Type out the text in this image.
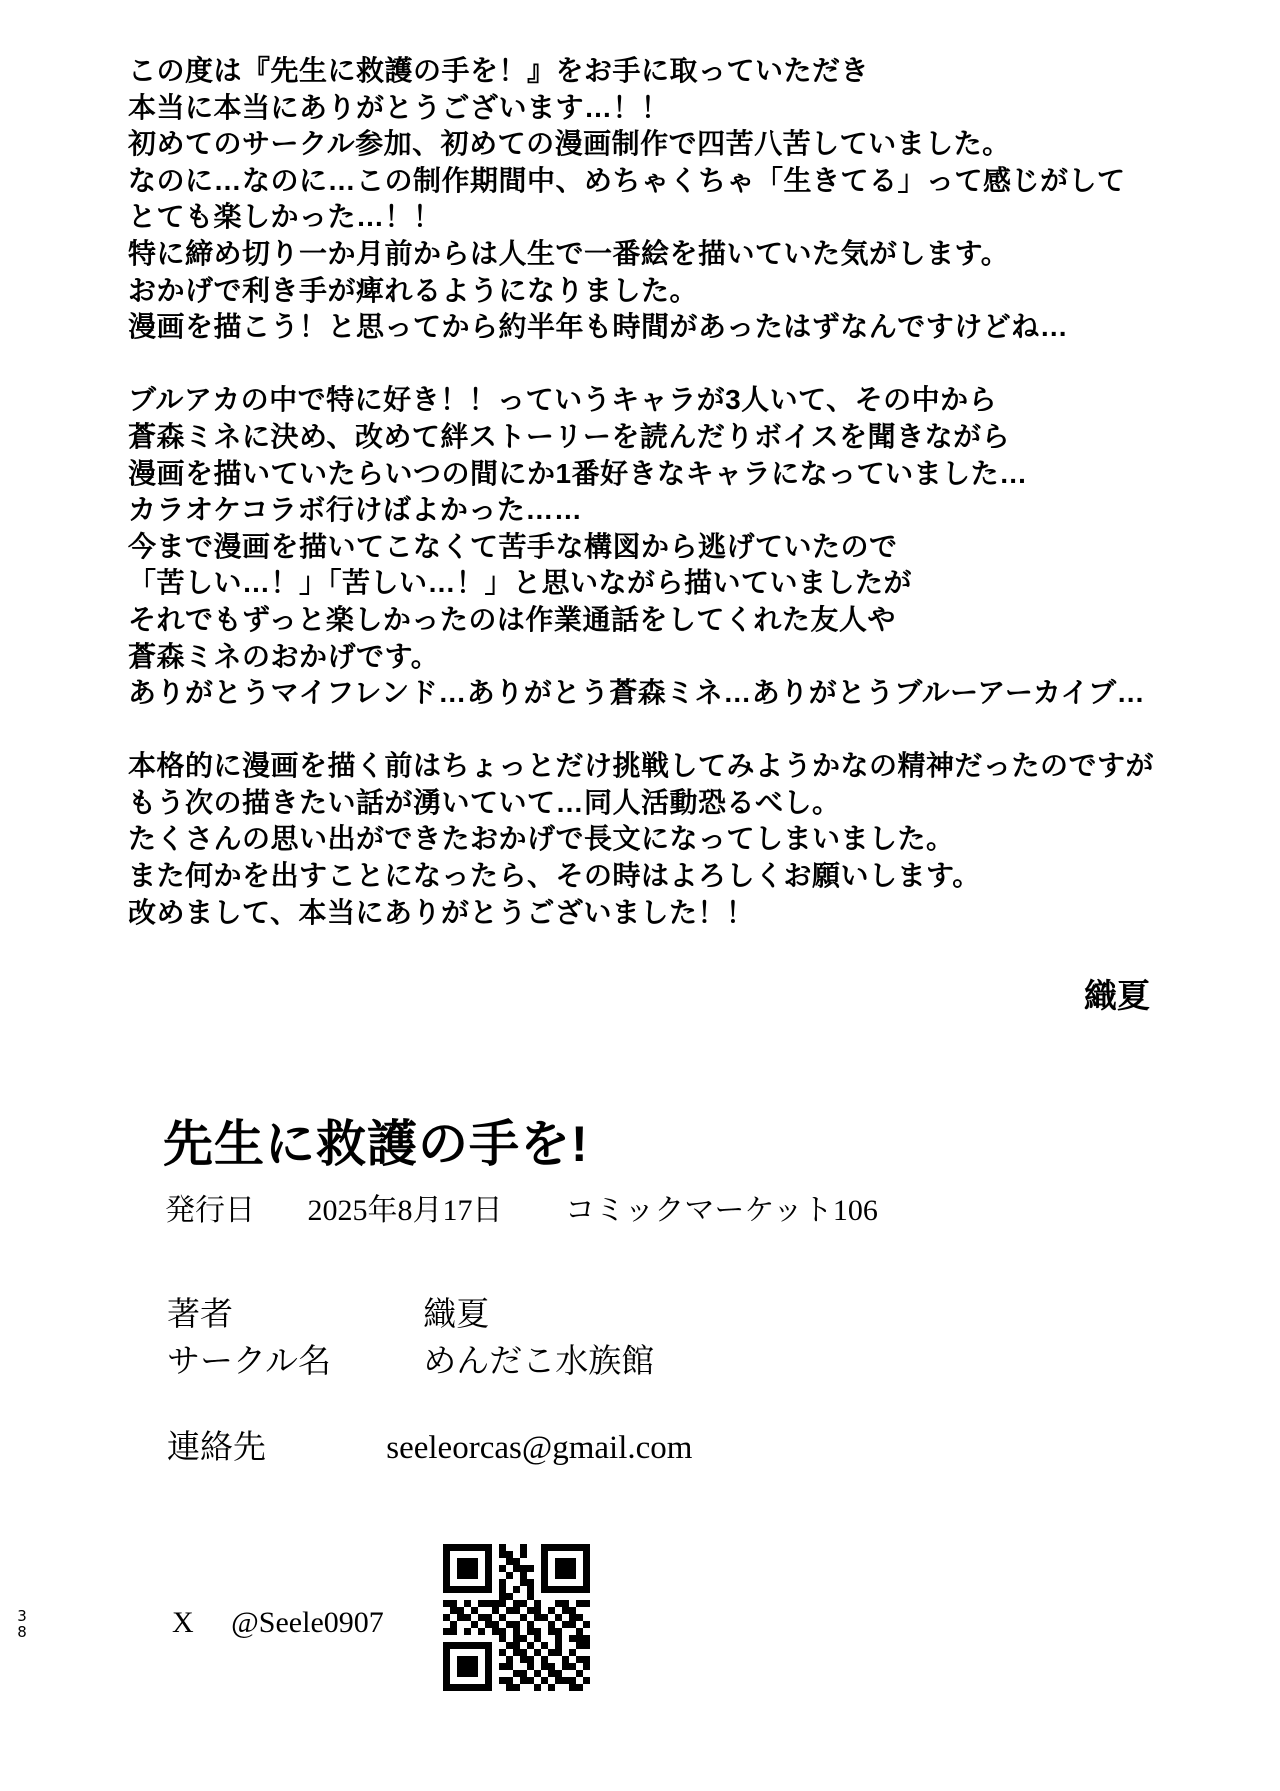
この度は『先生に救護の手を！』をお手に取っていただき
本当に本当にありがとうございます…！！
初めてのサークル参加、初めての漫画制作で四苦八苦していました。
なのに…なのに…この制作期間中、めちゃくちゃ「生きてる」って感じがして
とても楽しかった…！！
特に締め切り一か月前からは人生で一番絵を描いていた気がします。
おかげで利き手が痺れるようになりました。
漫画を描こう！と思ってから約半年も時間があったはずなんですけどね…
ブルアカの中で特に好き！！っていうキャラが3人いて、その中から
蒼森ミネに決め、改めて絆ストーリーを読んだりボイスを聞きながら
漫画を描いていたらいつの間にか1番好きなキャラになっていました…
カラオケコラボ行けばよかった……
今まで漫画を描いてこなくて苦手な構図から逃げていたので
「苦しい…！」「苦しい…！」と思いながら描いていましたが
それでもずっと楽しかったのは作業通話をしてくれた友人や
蒼森ミネのおかげです。
ありがとうマイフレンド…ありがとう蒼森ミネ…ありがとうブルーアーカイブ…
本格的に漫画を描く前はちょっとだけ挑戦してみようかなの精神だったのですが
もう次の描きたい話が湧いていて…同人活動恐るべし。
たくさんの思い出ができたおかげで長文になってしまいました。
また何かを出すことになったら、その時はよろしくお願いします。
改めまして、本当にありがとうございました！！
織夏
先生に救護の手を!
発行日 2025年8月17日 コミックマーケット106
著者	織夏
サークル名	めんだこ水族館
連絡先	seeleorcas@gmail.com
X @Seele0907
38
